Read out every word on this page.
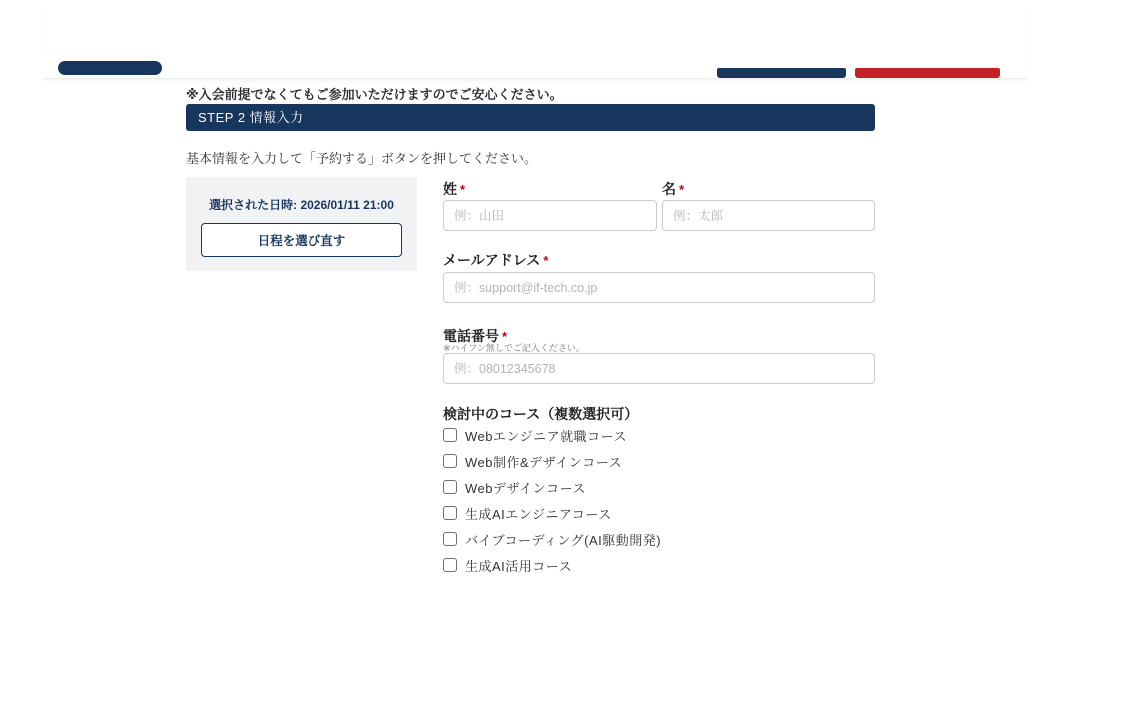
※入会前提でなくてもご参加いただけますのでご安心ください。
STEP 2 情報入力
基本情報を入力して「予約する」ボタンを押してください。
選択された日時: 2026/01/11 21:00
日程を選び直す
姓 *
例：山田	名 *
例：太郎
メールアドレス *
例：support@if-tech.co.jp
電話番号 *
※ハイフン無しでご記入ください。
例：08012345678
検討中のコース（複数選択可）
Webエンジニア就職コース
Web制作&デザインコース
Webデザインコース
生成AIエンジニアコース
バイブコーディング(AI駆動開発)
生成AI活用コース
